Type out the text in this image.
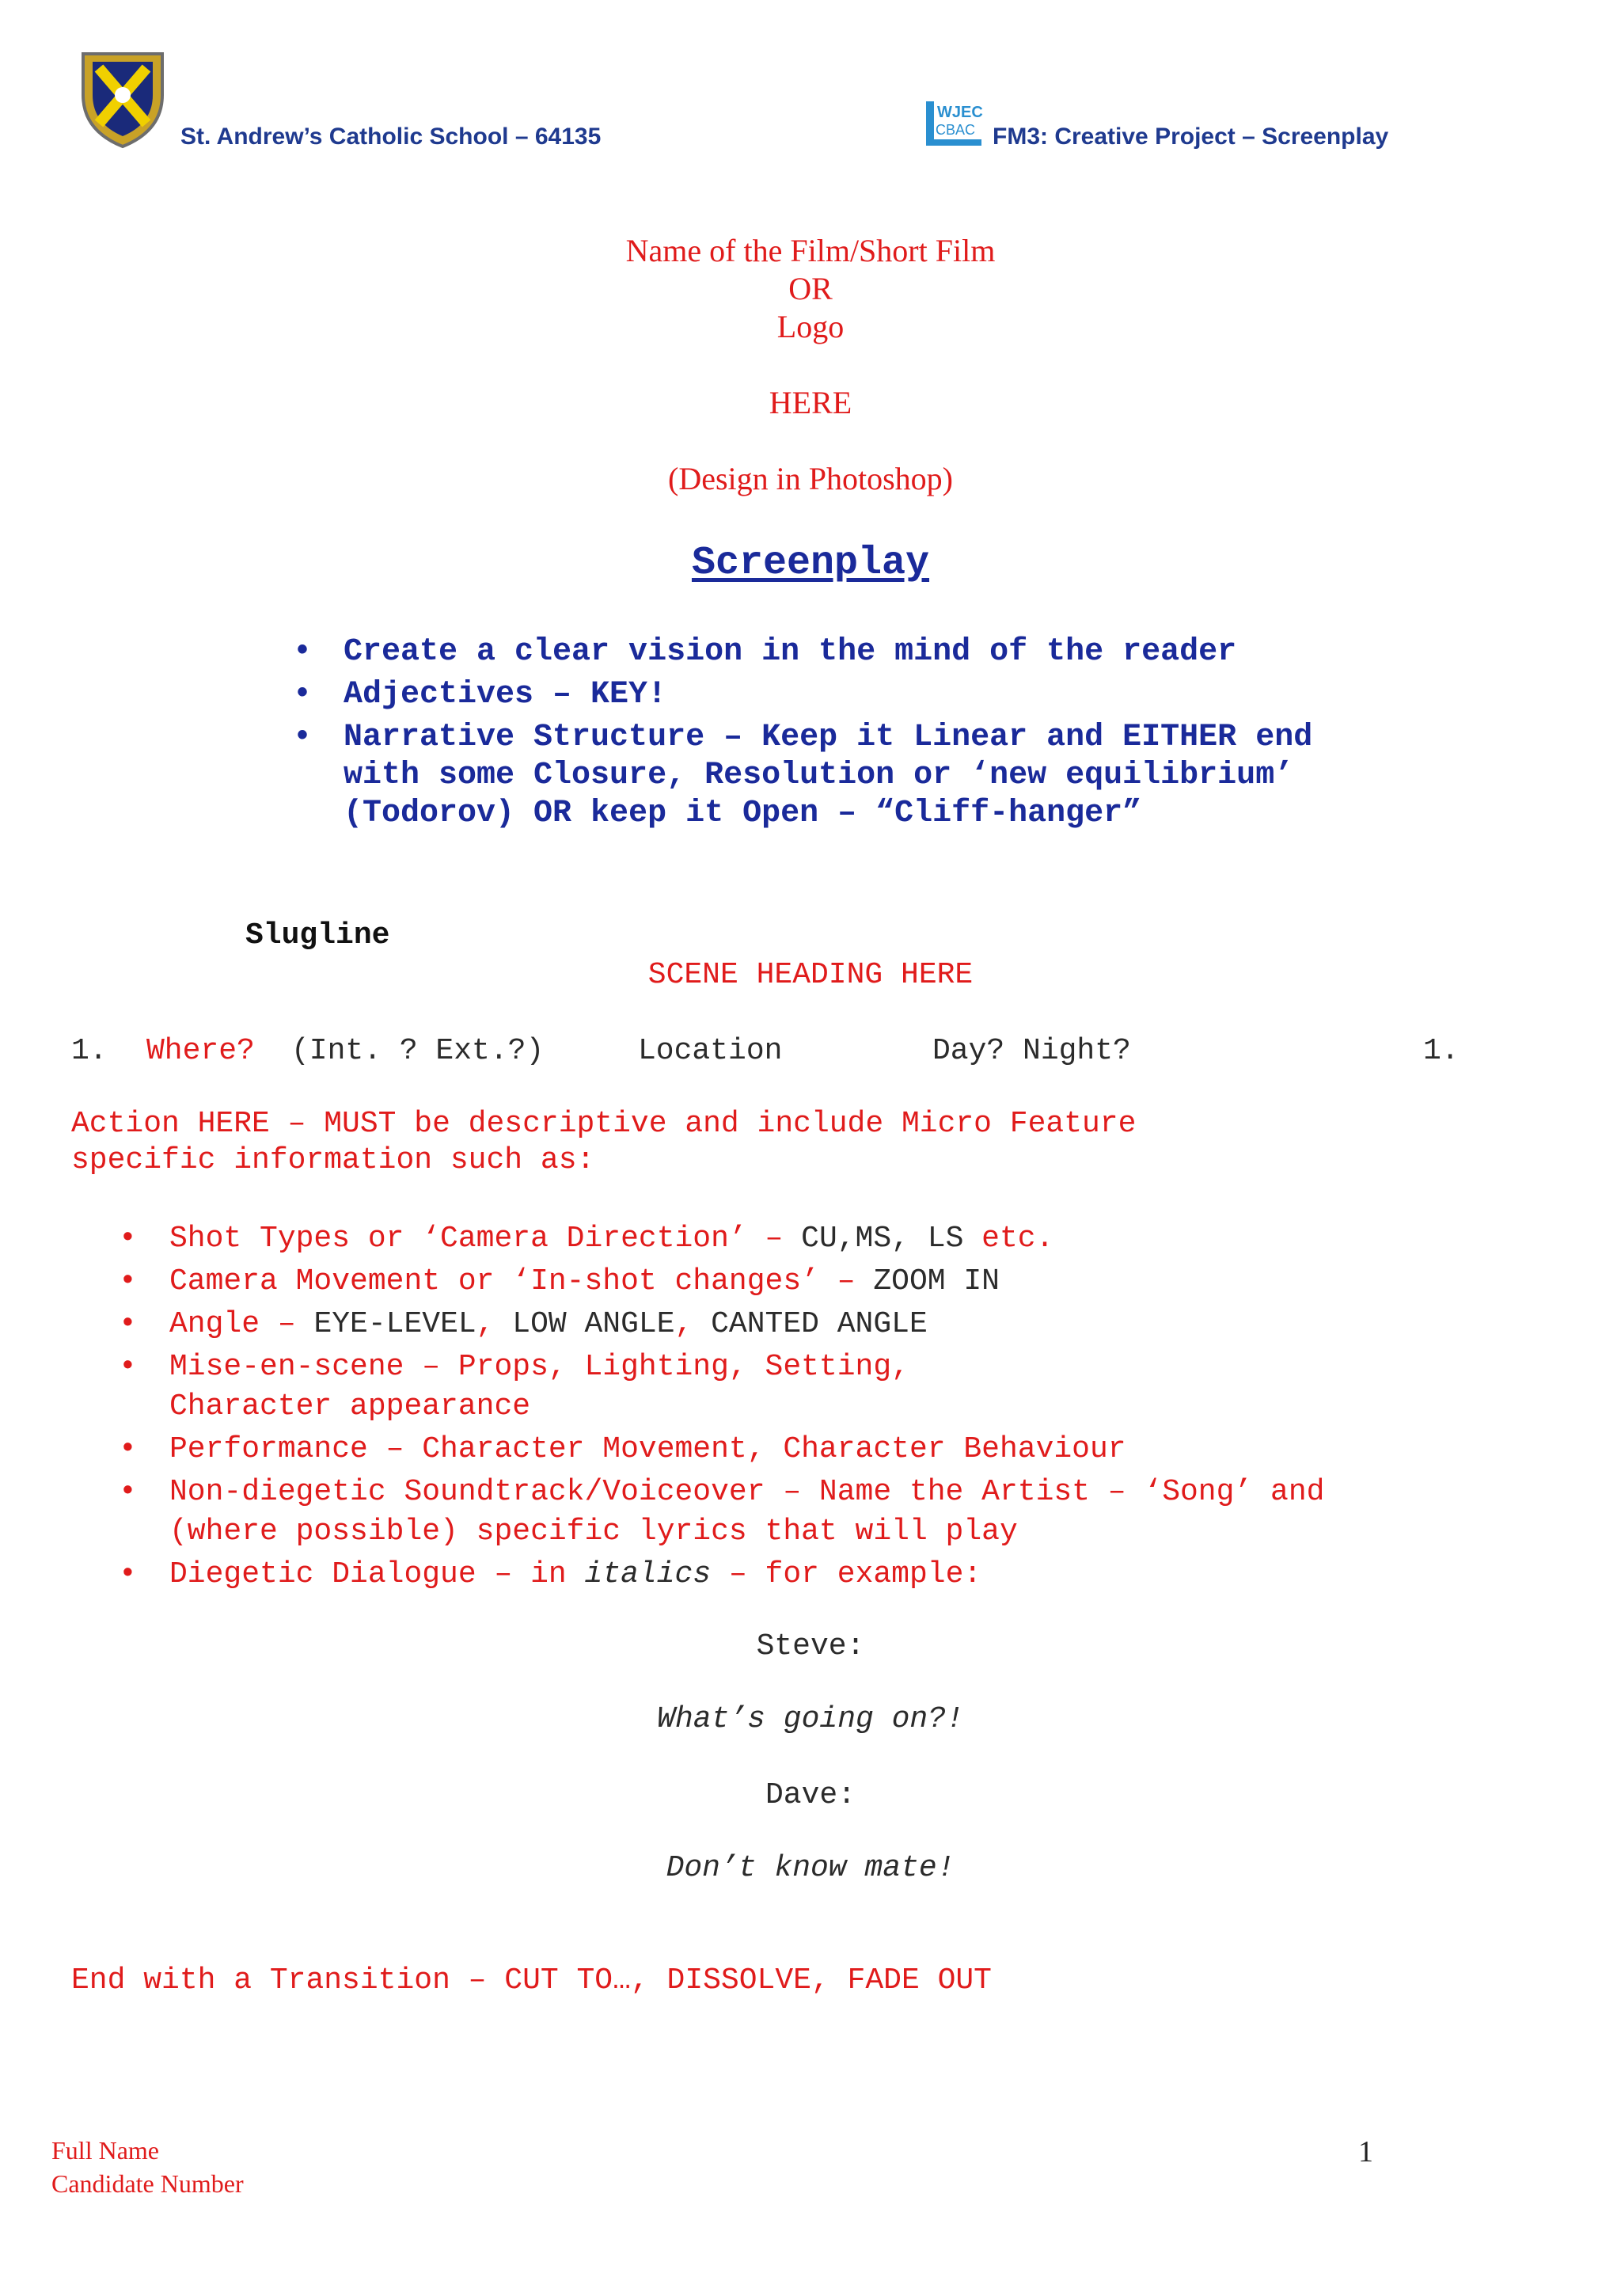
St. Andrew’s Catholic School – 64135
WJEC
CBAC FM3: Creative Project – Screenplay
Name of the Film/Short Film
OR
Logo
HERE
(Design in Photoshop)
Screenplay
• Create a clear vision in the mind of the reader
• Adjectives – KEY!
• Narrative Structure – Keep it Linear and EITHER end with some Closure, Resolution or ‘new equilibrium’ (Todorov) OR keep it Open – “Cliff-hanger”
Slugline
SCENE HEADING HERE
1. Where? (Int. ? Ext.?)	Location	Day? Night?	1.
Action HERE – MUST be descriptive and include Micro Feature
specific information such as:
• Shot Types or ‘Camera Direction’ – CU,MS, LS etc.
• Camera Movement or ‘In-shot changes’ – ZOOM IN
• Angle – EYE-LEVEL, LOW ANGLE, CANTED ANGLE
• Mise-en-scene – Props, Lighting, Setting, Character appearance
• Performance – Character Movement, Character Behaviour
• Non-diegetic Soundtrack/Voiceover – Name the Artist – ‘Song’ and (where possible) specific lyrics that will play
• Diegetic Dialogue – in italics – for example:
Steve:
What’s going on?!
Dave:
Don’t know mate!
End with a Transition – CUT TO…, DISSOLVE, FADE OUT
Full Name
Candidate Number
1
